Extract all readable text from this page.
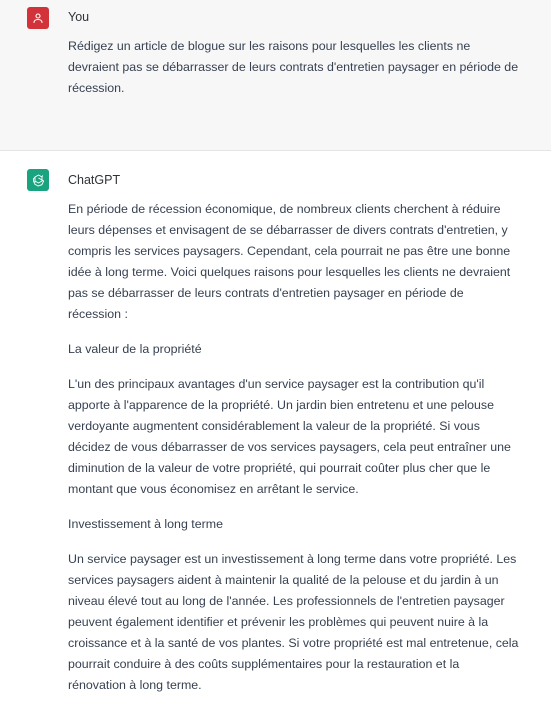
You
Rédigez un article de blogue sur les raisons pour lesquelles les clients ne devraient pas se débarrasser de leurs contrats d'entretien paysager en période de récession.
ChatGPT

En période de récession économique, de nombreux clients cherchent à réduire leurs dépenses et envisagent de se débarrasser de divers contrats d'entretien, y compris les services paysagers. Cependant, cela pourrait ne pas être une bonne idée à long terme. Voici quelques raisons pour lesquelles les clients ne devraient pas se débarrasser de leurs contrats d'entretien paysager en période de récession :

La valeur de la propriété

L'un des principaux avantages d'un service paysager est la contribution qu'il apporte à l'apparence de la propriété. Un jardin bien entretenu et une pelouse verdoyante augmentent considérablement la valeur de la propriété. Si vous décidez de vous débarrasser de vos services paysagers, cela peut entraîner une diminution de la valeur de votre propriété, qui pourrait coûter plus cher que le montant que vous économisez en arrêtant le service.

Investissement à long terme

Un service paysager est un investissement à long terme dans votre propriété. Les services paysagers aident à maintenir la qualité de la pelouse et du jardin à un niveau élevé tout au long de l'année. Les professionnels de l'entretien paysager peuvent également identifier et prévenir les problèmes qui peuvent nuire à la croissance et à la santé de vos plantes. Si votre propriété est mal entretenue, cela pourrait conduire à des coûts supplémentaires pour la restauration et la rénovation à long terme.
